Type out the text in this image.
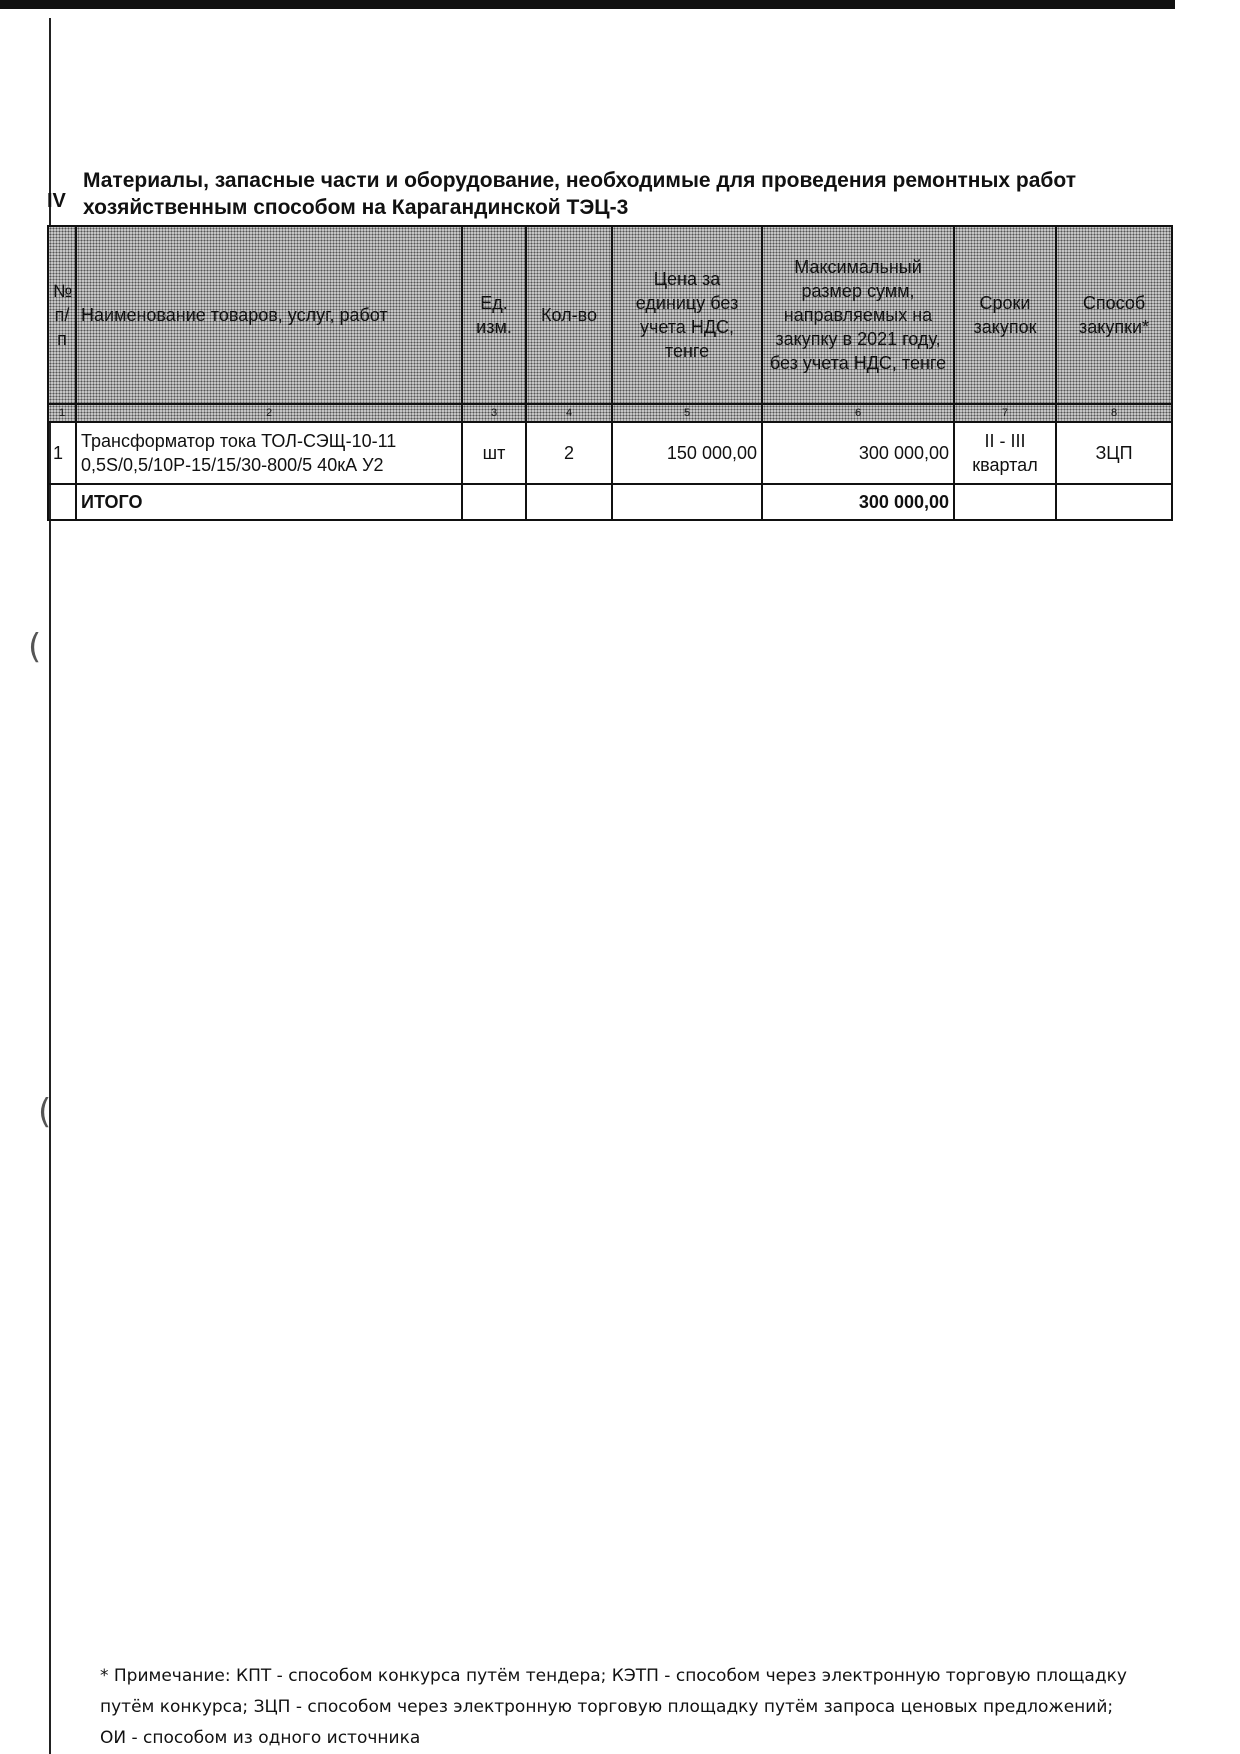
(
(
IV
Материалы, запасные части и оборудование, необходимые для проведения ремонтных работ хозяйственным способом на Карагандинской ТЭЦ-3
№ п/п	Наименование товаров, услуг, работ	Ед. изм.	Кол-во	Цена за единицу без учета НДС, тенге	Максимальный размер сумм, направляемых на закупку в 2021 году, без учета НДС, тенге	Сроки закупок	Способ закупки*
1	2	3	4	5	6	7	8
1	Трансформатор тока ТОЛ-СЭЩ-10-11 0,5S/0,5/10P-15/15/30-800/5 40кА У2	шт	2	150 000,00	300 000,00	II - III квартал	ЗЦП
	ИТОГО				300 000,00		
* Примечание: КПТ - способом конкурса путём тендера; КЭТП - способом через электронную торговую площадку путём конкурса; ЗЦП - способом через электронную торговую площадку путём запроса ценовых предложений; ОИ - способом из одного источника
